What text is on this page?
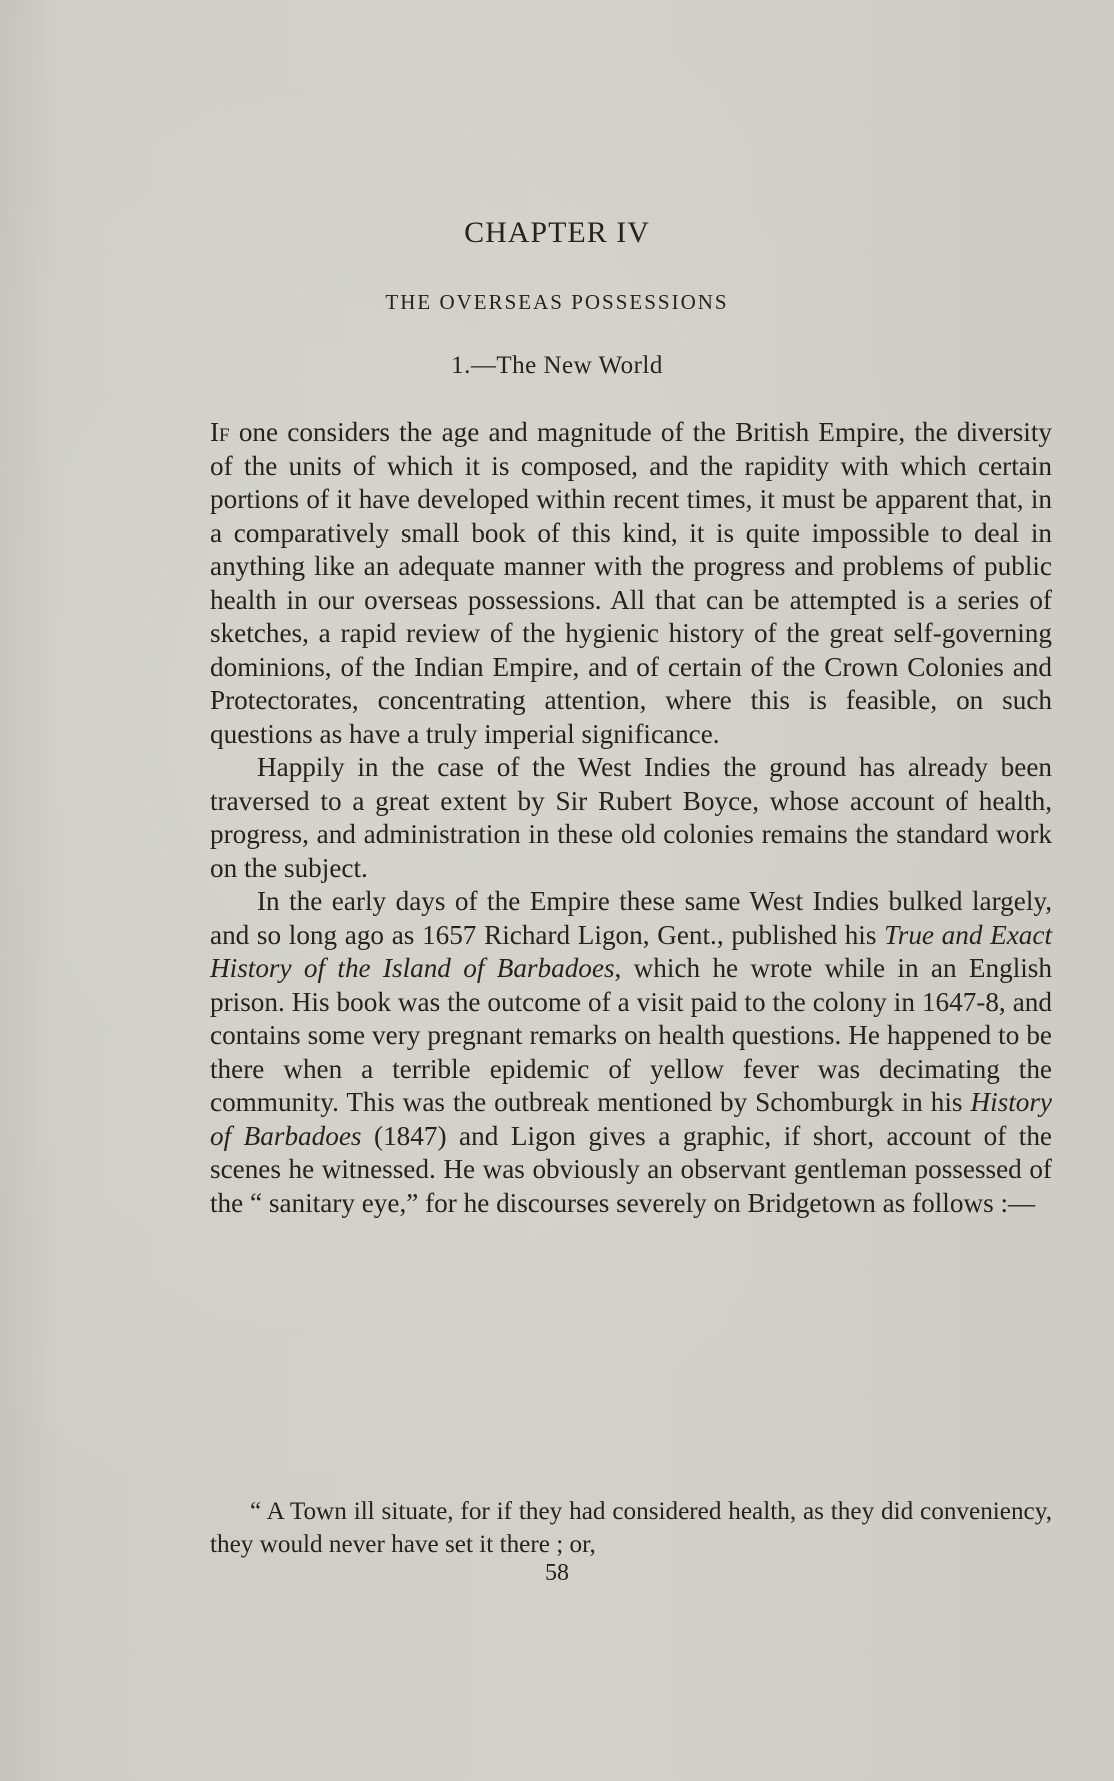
CHAPTER IV
THE OVERSEAS POSSESSIONS
1.—The New World

If one considers the age and magnitude of the British Empire, the diversity of the units of which it is composed, and the rapidity with which certain portions of it have developed within recent times, it must be apparent that, in a comparatively small book of this kind, it is quite impossible to deal in anything like an adequate manner with the progress and problems of public health in our overseas possessions. All that can be attempted is a series of sketches, a rapid review of the hygienic history of the great self-governing dominions, of the Indian Empire, and of certain of the Crown Colonies and Protectorates, concentrating attention, where this is feasible, on such questions as have a truly imperial significance.

Happily in the case of the West Indies the ground has already been traversed to a great extent by Sir Rubert Boyce, whose account of health, progress, and administration in these old colonies remains the standard work on the subject.

In the early days of the Empire these same West Indies bulked largely, and so long ago as 1657 Richard Ligon, Gent., published his True and Exact History of the Island of Barbadoes, which he wrote while in an English prison. His book was the outcome of a visit paid to the colony in 1647-8, and contains some very pregnant remarks on health questions. He happened to be there when a terrible epidemic of yellow fever was decimating the community. This was the outbreak mentioned by Schomburgk in his History of Barbadoes (1847) and Ligon gives a graphic, if short, account of the scenes he witnessed. He was obviously an observant gentleman possessed of the “ sanitary eye,” for he discourses severely on Bridgetown as follows :—

“ A Town ill situate, for if they had considered health, as they did conveniency, they would never have set it there ; or,

58
